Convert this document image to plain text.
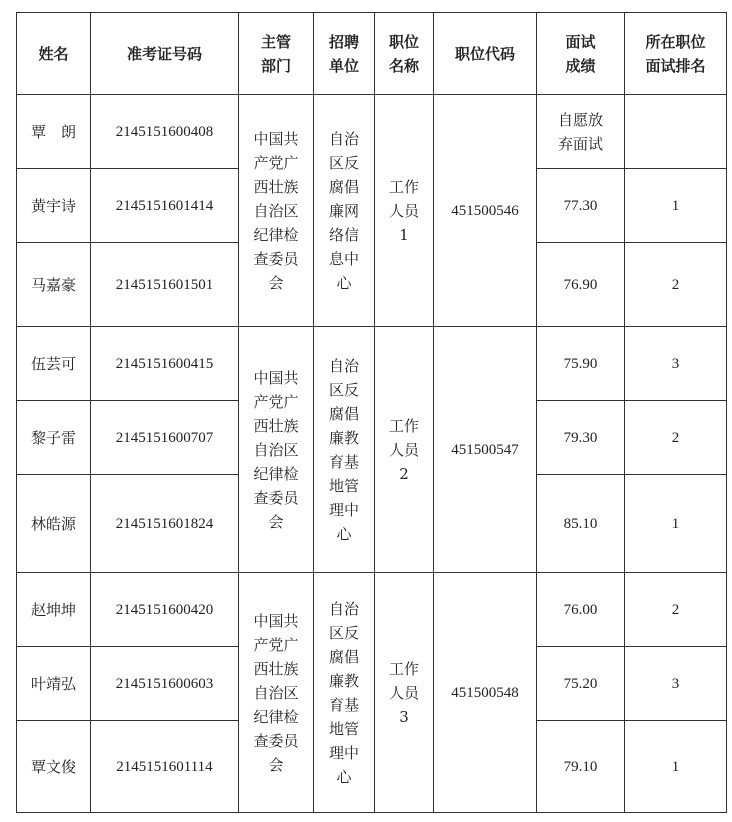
姓名	准考证号码	主管部门	招聘单位	职位名称	职位代码	面试成绩	所在职位面试排名
覃　朗	2145151600408	中国共产党广西壮族自治区纪律检查委员会	自治区反腐倡廉网络信息中心	工作人员1	451500546	自愿放弃面试	
黄宇诗	2145151601414					77.30	1
马嘉豪	2145151601501					76.90	2
伍芸可	2145151600415	中国共产党广西壮族自治区纪律检查委员会	自治区反腐倡廉教育基地管理中心	工作人员2	451500547	75.90	3
黎子雷	2145151600707					79.30	2
林皓源	2145151601824					85.10	1
赵坤坤	2145151600420	中国共产党广西壮族自治区纪律检查委员会	自治区反腐倡廉教育基地管理中心	工作人员3	451500548	76.00	2
叶靖弘	2145151600603					75.20	3
覃文俊	2145151601114					79.10	1
